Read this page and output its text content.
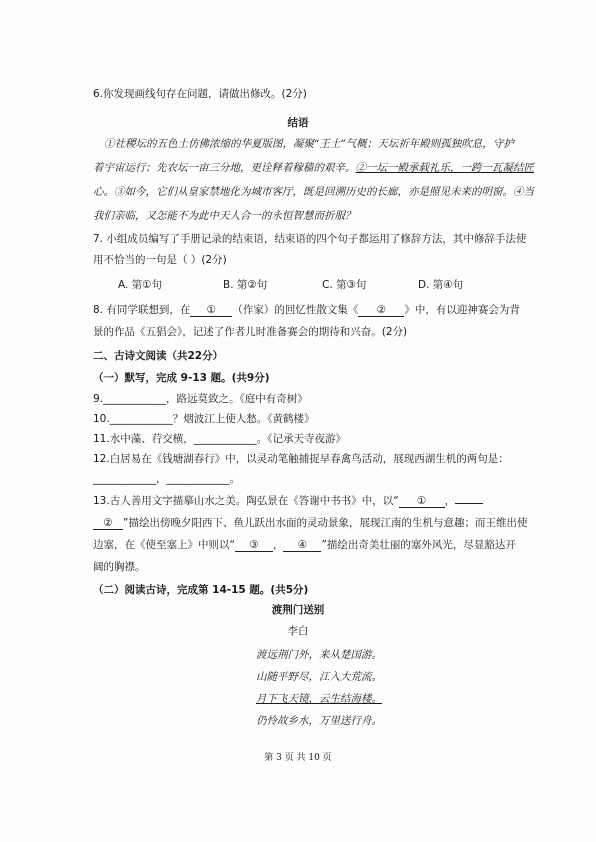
6.你发现画线句存在问题，请做出修改。(2分)
结语
①社稷坛的五色土仿佛浓缩的华夏版图，凝聚“王土”气概；天坛祈年殿则孤独吹息，守护
着宇宙运行；先农坛一亩三分地，更诠释着稼穑的艰辛。②一坛一殿承载礼乐，一跨一瓦凝结匠
心。③如今，它们从皇家禁地化为城市客厅，既是回溯历史的长廊，亦是照见未来的明窗。④当
我们亲临，又怎能不为此中天人合一的永恒智慧而折服？
7. 小组成员编写了手册记录的结束语，结束语的四个句子都运用了修辞方法，其中修辞手法使
用不恰当的一句是（ ）(2分)
A. 第①句	B. 第②句	C. 第③句	D. 第④句
8. 有同学联想到，在 ① （作家）的回忆性散文集《 ② 》中，有以迎神赛会为背
景的作品《五猖会》，记述了作者儿时准备赛会的期待和兴奋。(2分)
二、古诗文阅读（共22分）
（一）默写，完成 9-13 题。(共9分)
9.____________，路远莫致之。《庭中有奇树》
10.____________？烟波江上使人愁。《黄鹤楼》
11.水中藻、荇交横，____________。《记承天寺夜游》
12.白居易在《钱塘湖春行》中，以灵动笔触捕捉早春禽鸟活动，展现西湖生机的两句是：
____________，____________。
13.古人善用文字描摹山水之美。陶弘景在《答谢中书书》中，以“ ① ，
② ”描绘出傍晚夕阳西下、鱼儿跃出水面的灵动景象，展现江南的生机与意趣；而王维出使
边塞，在《使至塞上》中则以“ ③ ， ④ ”描绘出奇美壮丽的塞外风光，尽显豁达开
阔的胸襟。
（二）阅读古诗，完成第 14-15 题。(共5分)
渡荆门送别
李白
渡远荆门外，来从楚国游。
山随平野尽，江入大荒流。
月下飞天镜，云生结海楼。
仍怜故乡水，万里送行舟。
第 3 页 共 10 页
